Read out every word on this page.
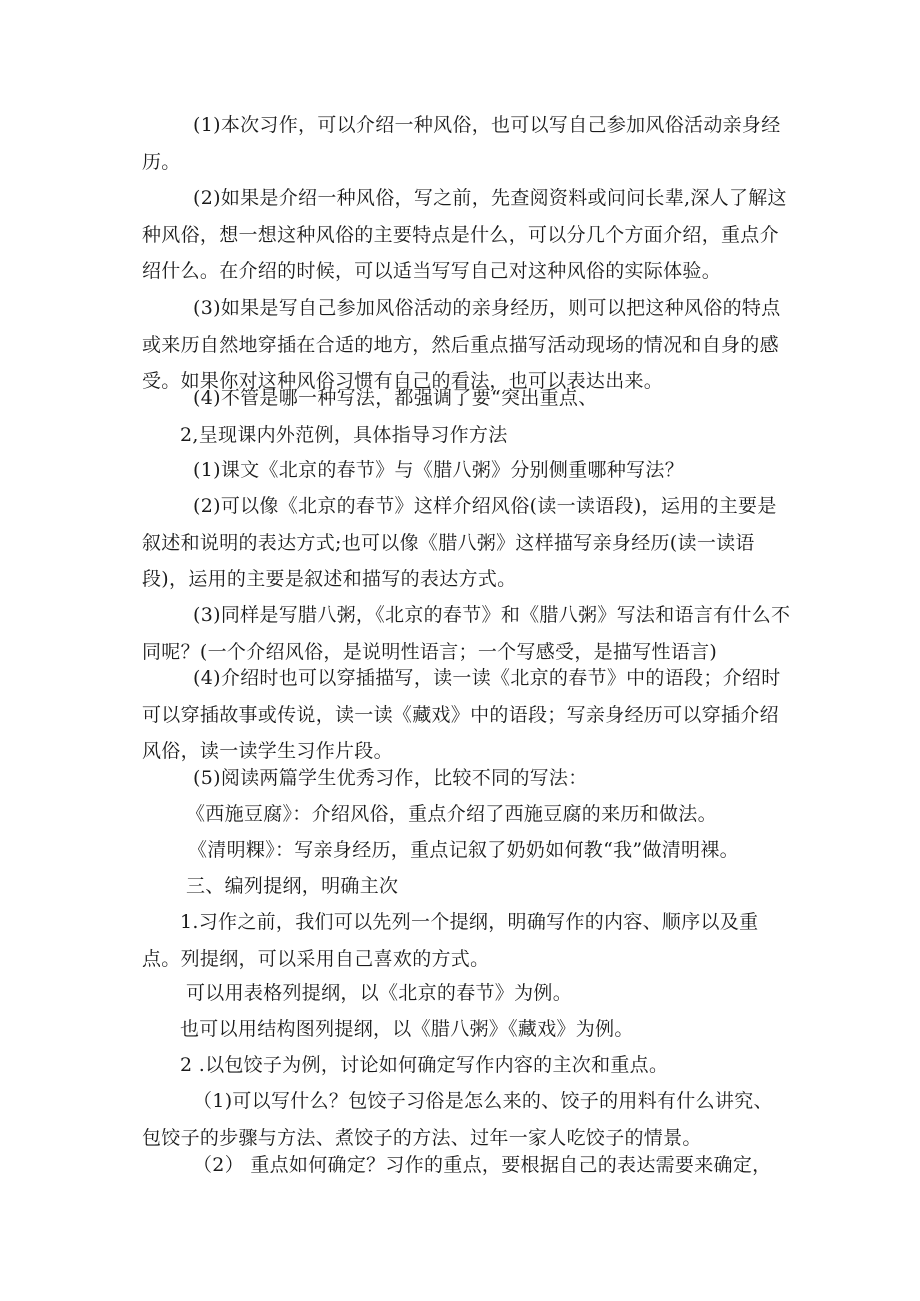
(1)本次习作，可以介绍一种风俗，也可以写自己参加风俗活动亲身经历。
(2)如果是介绍一种风俗，写之前，先查阅资料或问问长辈,深人了解这种风俗，想一想这种风俗的主要特点是什么，可以分几个方面介绍，重点介绍什么。在介绍的时候，可以适当写写自己对这种风俗的实际体验。
(3)如果是写自己参加风俗活动的亲身经历，则可以把这种风俗的特点或来历自然地穿插在合适的地方，然后重点描写活动现场的情况和自身的感受。如果你对这种风俗习惯有自己的看法，也可以表达出来。
(4)不管是哪一种写法，都强调了要“突出重点、
2,呈现课内外范例，具体指导习作方法
(1)课文《北京的春节》与《腊八粥》分别侧重哪种写法？
(2)可以像《北京的春节》这样介绍风俗(读一读语段)，运用的主要是叙述和说明的表达方式;也可以像《腊八粥》这样描写亲身经历(读一读语段)，运用的主要是叙述和描写的表达方式。
(3)同样是写腊八粥，《北京的春节》和《腊八粥》写法和语言有什么不同呢？(一个介绍风俗，是说明性语言；一个写感受，是描写性语言)
(4)介绍时也可以穿插描写，读一读《北京的春节》中的语段；介绍时可以穿插故事或传说，读一读《藏戏》中的语段；写亲身经历可以穿插介绍风俗，读一读学生习作片段。
(5)阅读两篇学生优秀习作，比较不同的写法：
《西施豆腐》：介绍风俗，重点介绍了西施豆腐的来历和做法。
《清明粿》：写亲身经历，重点记叙了奶奶如何教“我”做清明裸。
三、编列提纲，明确主次
1.习作之前，我们可以先列一个提纲，明确写作的内容、顺序以及重点。列提纲，可以采用自己喜欢的方式。
可以用表格列提纲，以《北京的春节》为例。
也可以用结构图列提纲，以《腊八粥》《藏戏》为例。
2 .以包饺子为例，讨论如何确定写作内容的主次和重点。
（1)可以写什么？包饺子习俗是怎么来的、饺子的用料有什么讲究、包饺子的步骤与方法、煮饺子的方法、过年一家人吃饺子的情景。
（2） 重点如何确定？习作的重点，要根据自己的表达需要来确定，
